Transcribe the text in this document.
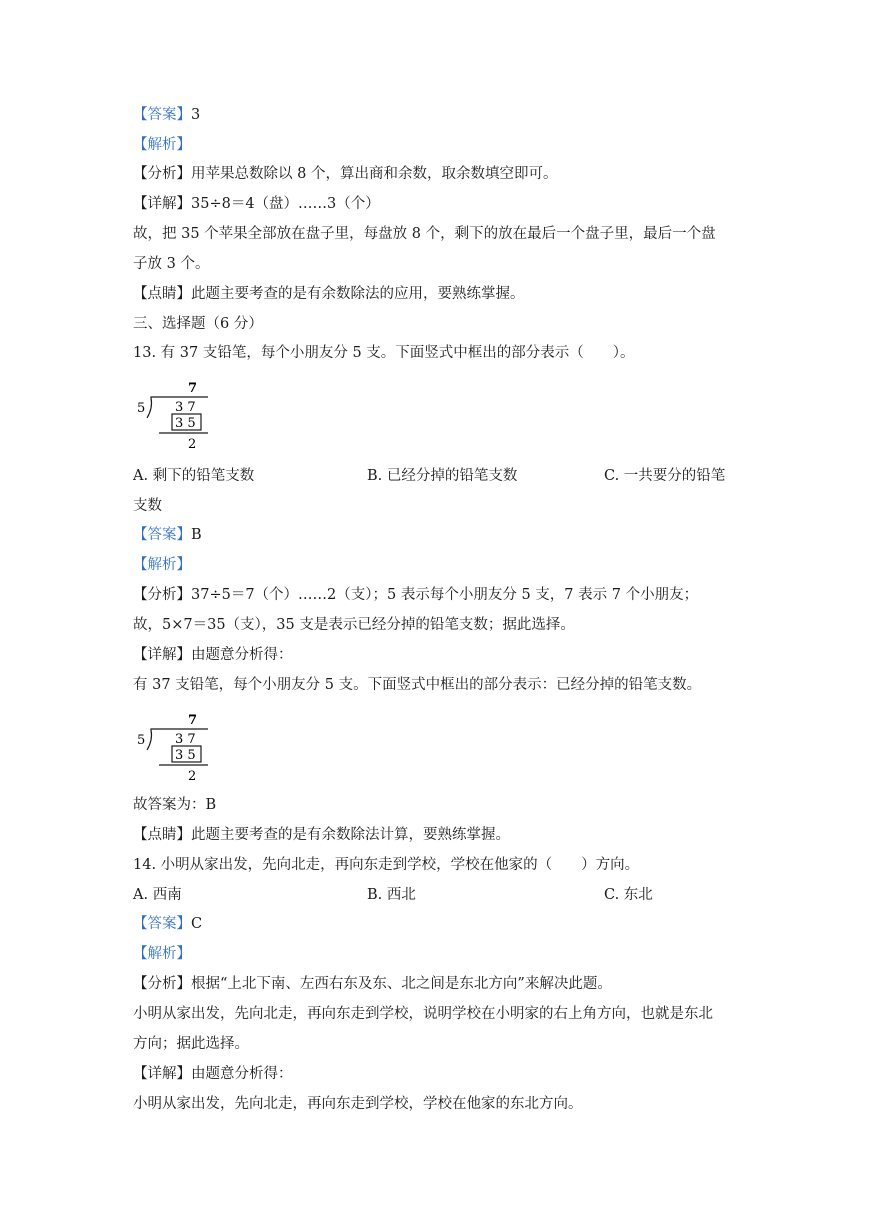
【答案】3
【解析】
【分析】用苹果总数除以 8 个，算出商和余数，取余数填空即可。
【详解】35÷8＝4（盘）……3（个）
故，把 35 个苹果全部放在盘子里，每盘放 8 个，剩下的放在最后一个盘子里，最后一个盘
子放 3 个。
【点睛】此题主要考查的是有余数除法的应用，要熟练掌握。
三、选择题（6 分）
13. 有 37 支铅笔，每个小朋友分 5 支。下面竖式中框出的部分表示（　　）。
7
5 3 7
3 5
2
A. 剩下的铅笔支数	B. 已经分掉的铅笔支数	C. 一共要分的铅笔
支数
【答案】B
【解析】
【分析】37÷5＝7（个）……2（支）；5 表示每个小朋友分 5 支，7 表示 7 个小朋友；
故，5×7＝35（支），35 支是表示已经分掉的铅笔支数；据此选择。
【详解】由题意分析得：
有 37 支铅笔，每个小朋友分 5 支。下面竖式中框出的部分表示：已经分掉的铅笔支数。
7
5 3 7
3 5
2
故答案为：B
【点睛】此题主要考查的是有余数除法计算，要熟练掌握。
14. 小明从家出发，先向北走，再向东走到学校，学校在他家的（　　）方向。
A. 西南	B. 西北	C. 东北
【答案】C
【解析】
【分析】根据“上北下南、左西右东及东、北之间是东北方向”来解决此题。
小明从家出发，先向北走，再向东走到学校，说明学校在小明家的右上角方向，也就是东北
方向；据此选择。
【详解】由题意分析得：
小明从家出发，先向北走，再向东走到学校，学校在他家的东北方向。
